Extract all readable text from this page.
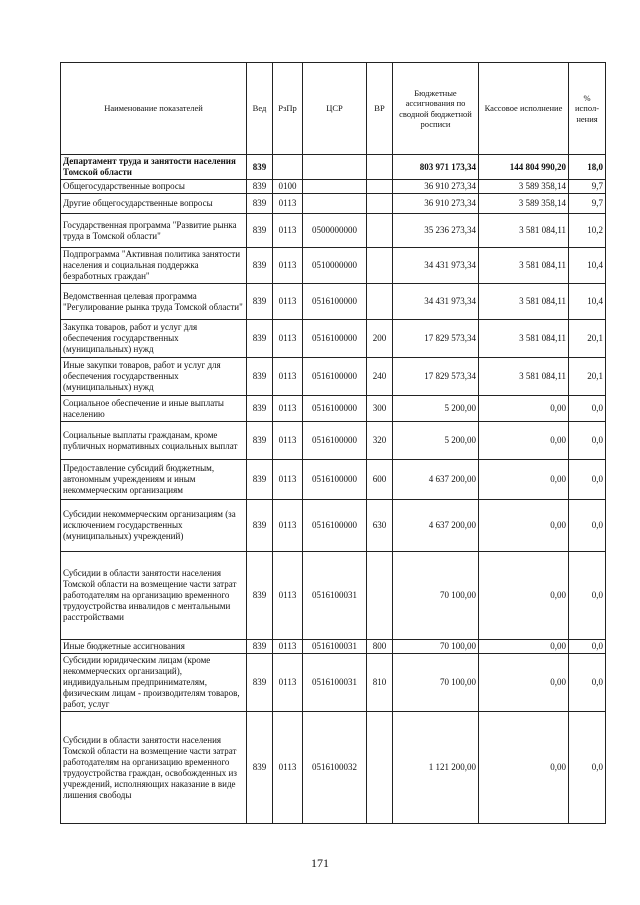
Наименование показателей	Вед	РзПр	ЦСР	ВР	Бюджетные ассигнования по сводной бюджетной росписи	Кассовое исполнение	% испол-нения
Департамент труда и занятости населения Томской области	839				803 971 173,34	144 804 990,20	18,0
Общегосударственные вопросы	839	0100			36 910 273,34	3 589 358,14	9,7
Другие общегосударственные вопросы	839	0113			36 910 273,34	3 589 358,14	9,7
Государственная программа "Развитие рынка труда в Томской области"	839	0113	0500000000		35 236 273,34	3 581 084,11	10,2
Подпрограмма "Активная политика занятости населения и социальная поддержка безработных граждан"	839	0113	0510000000		34 431 973,34	3 581 084,11	10,4
Ведомственная целевая программа "Регулирование рынка труда Томской области"	839	0113	0516100000		34 431 973,34	3 581 084,11	10,4
Закупка товаров, работ и услуг для обеспечения государственных (муниципальных) нужд	839	0113	0516100000	200	17 829 573,34	3 581 084,11	20,1
Иные закупки товаров, работ и услуг для обеспечения государственных (муниципальных) нужд	839	0113	0516100000	240	17 829 573,34	3 581 084,11	20,1
Социальное обеспечение и иные выплаты населению	839	0113	0516100000	300	5 200,00	0,00	0,0
Социальные выплаты гражданам, кроме публичных нормативных социальных выплат	839	0113	0516100000	320	5 200,00	0,00	0,0
Предоставление субсидий бюджетным, автономным учреждениям и иным некоммерческим организациям	839	0113	0516100000	600	4 637 200,00	0,00	0,0
Субсидии некоммерческим организациям (за исключением государственных (муниципальных) учреждений)	839	0113	0516100000	630	4 637 200,00	0,00	0,0
Субсидии в области занятости населения Томской области на возмещение части затрат работодателям на организацию временного трудоустройства инвалидов с ментальными расстройствами	839	0113	0516100031		70 100,00	0,00	0,0
Иные бюджетные ассигнования	839	0113	0516100031	800	70 100,00	0,00	0,0
Субсидии юридическим лицам (кроме некоммерческих организаций), индивидуальным предпринимателям, физическим лицам - производителям товаров, работ, услуг	839	0113	0516100031	810	70 100,00	0,00	0,0
Субсидии в области занятости населения Томской области на возмещение части затрат работодателям на организацию временного трудоустройства граждан, освобожденных из учреждений, исполняющих наказание в виде лишения свободы	839	0113	0516100032		1 121 200,00	0,00	0,0
171
